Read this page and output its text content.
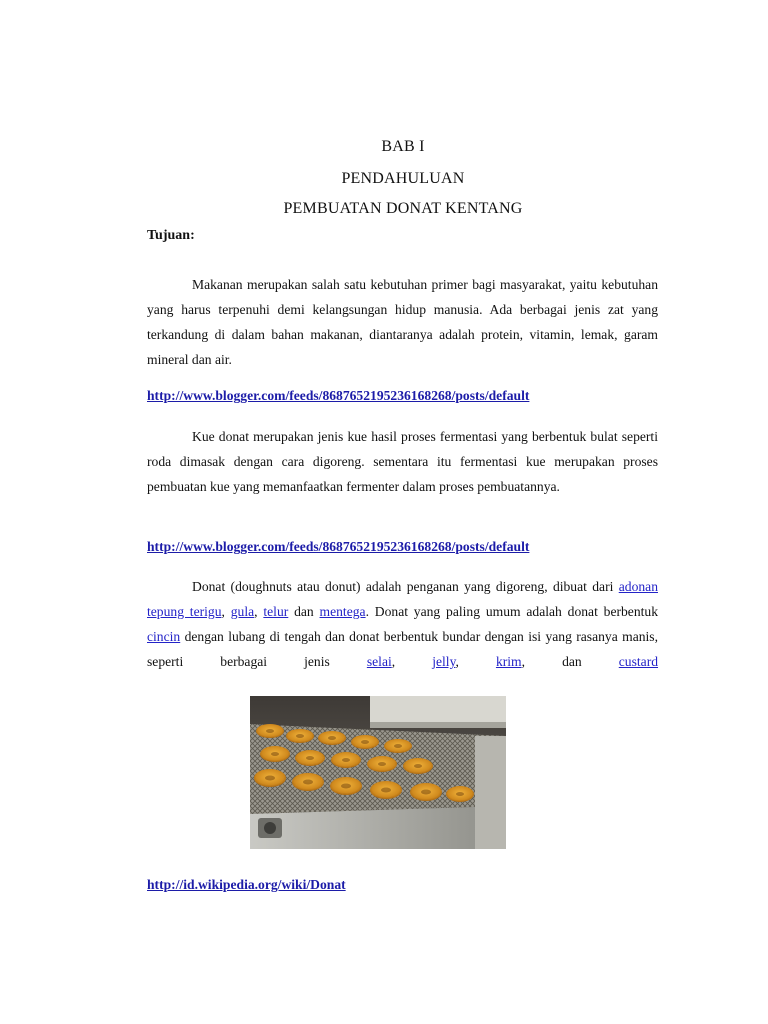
BAB I
PENDAHULUAN
PEMBUATAN DONAT KENTANG
Tujuan:

Makanan merupakan salah satu kebutuhan primer bagi masyarakat, yaitu kebutuhan yang harus terpenuhi demi kelangsungan hidup manusia. Ada berbagai jenis zat yang terkandung di dalam bahan makanan, diantaranya adalah protein, vitamin, lemak, garam mineral dan air.

http://www.blogger.com/feeds/8687652195236168268/posts/default

Kue donat merupakan jenis kue hasil proses fermentasi yang berbentuk bulat seperti roda dimasak dengan cara digoreng. sementara itu fermentasi kue merupakan proses pembuatan kue yang memanfaatkan fermenter dalam proses pembuatannya.

http://www.blogger.com/feeds/8687652195236168268/posts/default

Donat (doughnuts atau donut) adalah penganan yang digoreng, dibuat dari adonan tepung terigu, gula, telur dan mentega. Donat yang paling umum adalah donat berbentuk cincin dengan lubang di tengah dan donat berbentuk bundar dengan isi yang rasanya manis, seperti berbagai jenis selai, jelly, krim, dan custard

http://id.wikipedia.org/wiki/Donat
